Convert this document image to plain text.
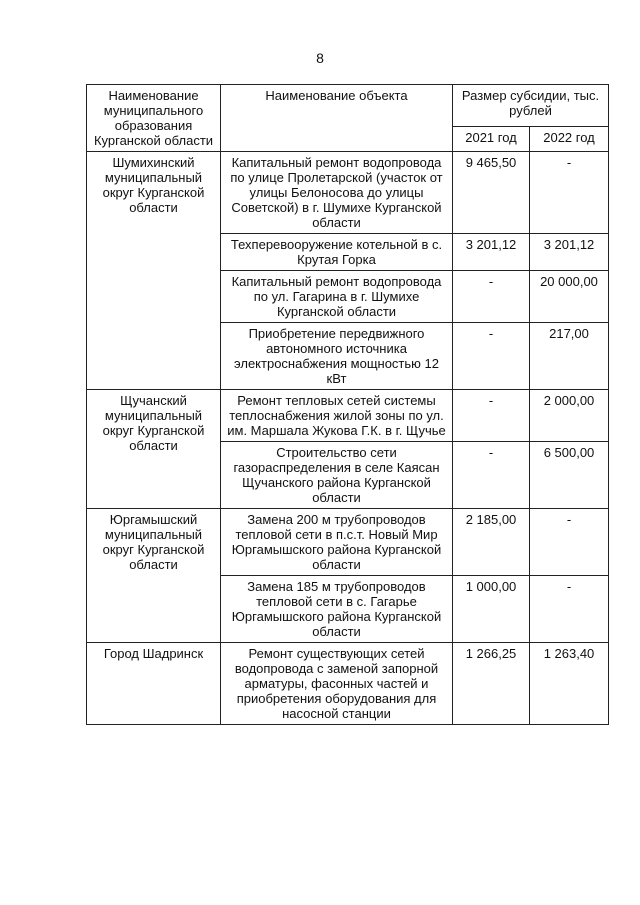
8
Наименование муниципального образования Курганской области	Наименование объекта	Размер субсидии, тыс. рублей	
		2021 год	2022 год
Шумихинский муниципальный округ Курганской области	Капитальный ремонт водопровода по улице Пролетарской (участок от улицы Белоносова до улицы Советской) в г. Шумихе Курганской области	9 465,50	-
	Техперевооружение котельной в с. Крутая Горка	3 201,12	3 201,12
	Капитальный ремонт водопровода по ул. Гагарина в г. Шумихе Курганской области	-	20 000,00
	Приобретение передвижного автономного источника электроснабжения мощностью 12 кВт	-	217,00
Щучанский муниципальный округ Курганской области	Ремонт тепловых сетей системы теплоснабжения жилой зоны по ул. им. Маршала Жукова Г.К. в г. Щучье	-	2 000,00
	Строительство сети газораспределения в селе Каясан Щучанского района Курганской области	-	6 500,00
Юргамышский муниципальный округ Курганской области	Замена 200 м трубопроводов тепловой сети в п.с.т. Новый Мир Юргамышского района Курганской области	2 185,00	-
	Замена 185 м трубопроводов тепловой сети в с. Гагарье Юргамышского района Курганской области	1 000,00	-
Город Шадринск	Ремонт существующих сетей водопровода с заменой запорной арматуры, фасонных частей и приобретения оборудования для насосной станции	1 266,25	1 263,40
